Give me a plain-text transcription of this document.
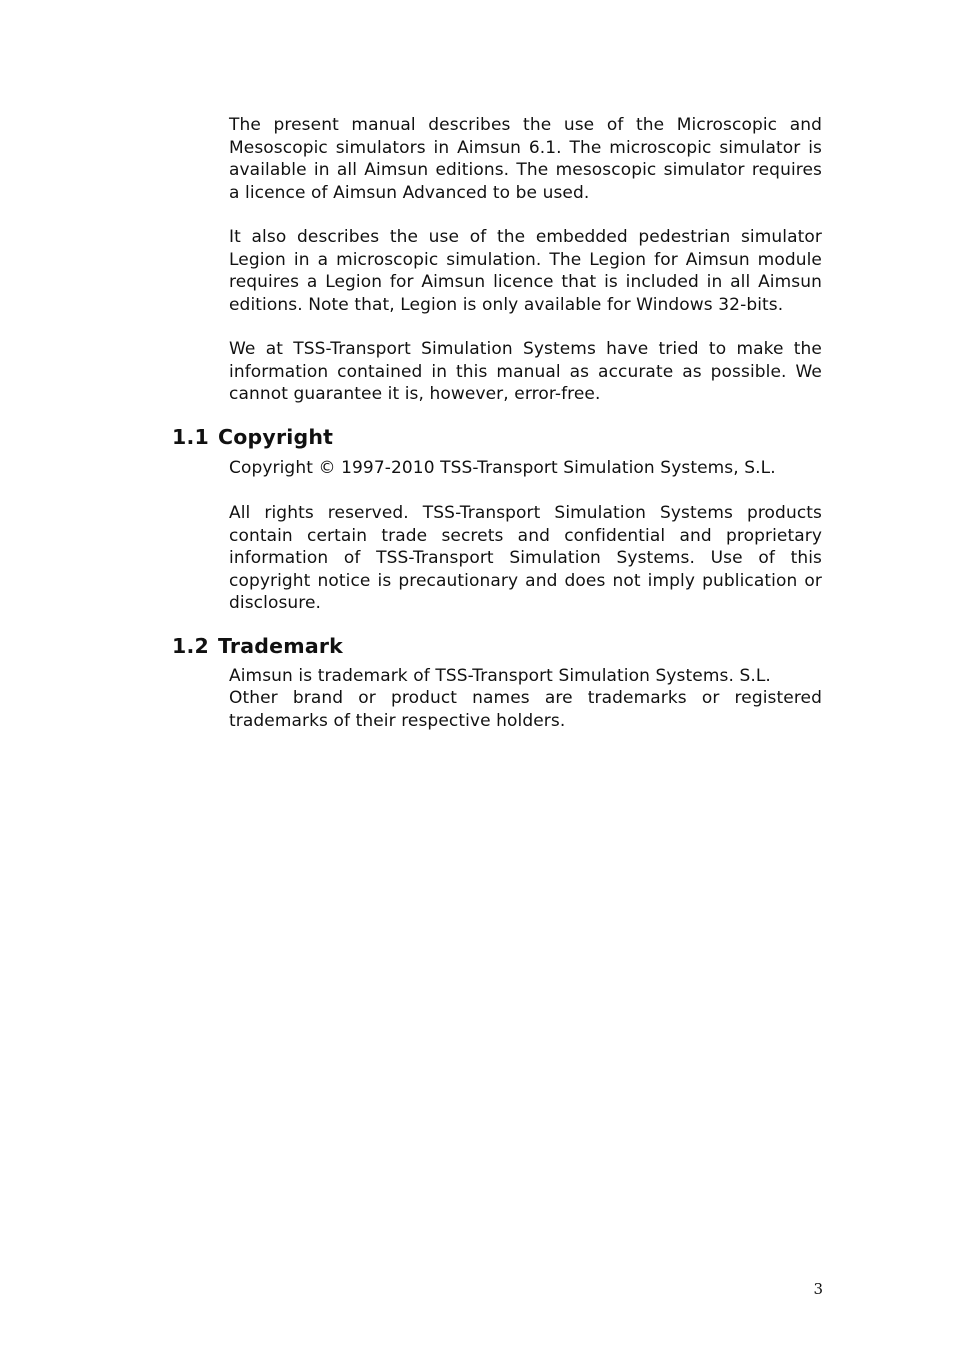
The present manual describes the use of the Microscopic and Mesoscopic simulators in Aimsun 6.1. The microscopic simulator is available in all Aimsun editions. The mesoscopic simulator requires a licence of Aimsun Advanced to be used.

It also describes the use of the embedded pedestrian simulator Legion in a microscopic simulation. The Legion for Aimsun module requires a Legion for Aimsun licence that is included in all Aimsun editions. Note that, Legion is only available for Windows 32-bits.

We at TSS-Transport Simulation Systems have tried to make the information contained in this manual as accurate as possible. We cannot guarantee it is, however, error-free.

1.1 Copyright

Copyright © 1997-2010 TSS-Transport Simulation Systems, S.L.

All rights reserved. TSS-Transport Simulation Systems products contain certain trade secrets and confidential and proprietary information of TSS-Transport Simulation Systems. Use of this copyright notice is precautionary and does not imply publication or disclosure.

1.2 Trademark

Aimsun is trademark of TSS-Transport Simulation Systems. S.L.

Other brand or product names are trademarks or registered trademarks of their respective holders.

3
